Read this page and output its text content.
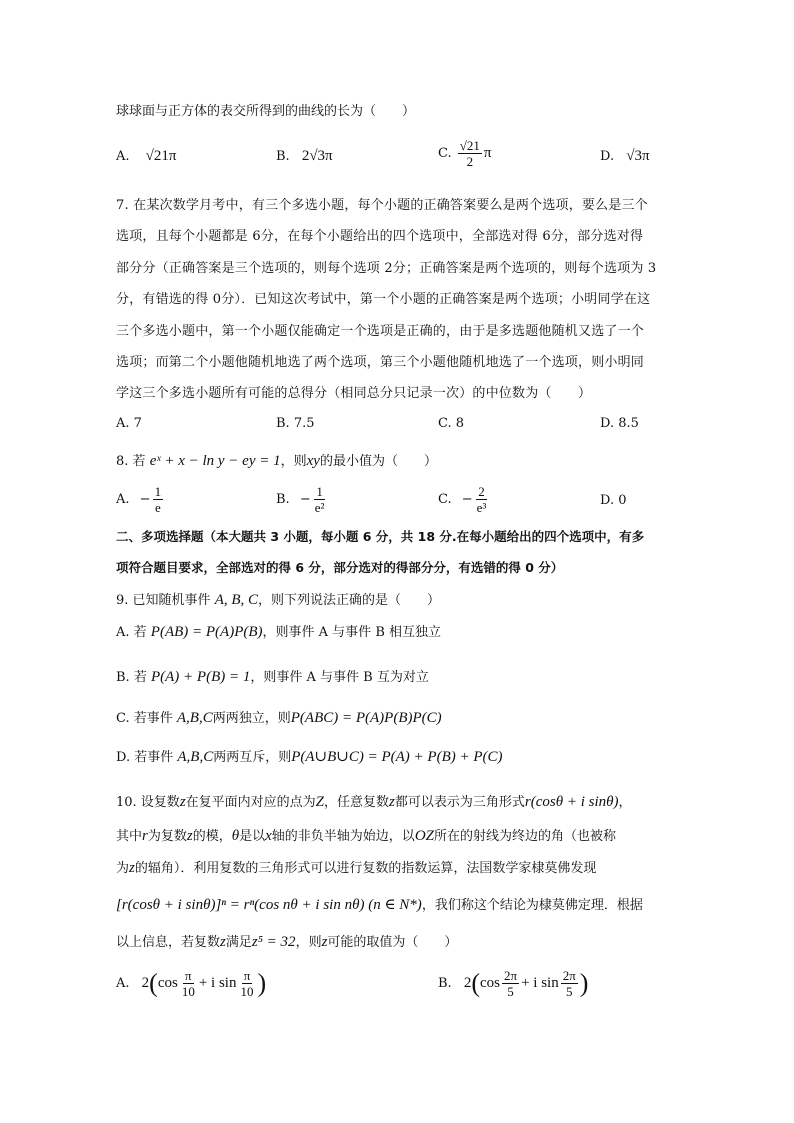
球球面与正方体的表交所得到的曲线的长为（　　）
A. √21π	B. 2√3π	C. $\frac{√21}{2}$ π	D. √3π
7. 在某次数学月考中，有三个多选小题，每个小题的正确答案要么是两个选项，要么是三个
选项，且每个小题都是 6分，在每个小题给出的四个选项中，全部选对得 6分，部分选对得
部分分（正确答案是三个选项的，则每个选项 2分；正确答案是两个选项的，则每个选项为 3
分，有错选的得 0分）．已知这次考试中，第一个小题的正确答案是两个选项；小明同学在这
三个多选小题中，第一个小题仅能确定一个选项是正确的，由于是多选题他随机又选了一个
选项；而第二个小题他随机地选了两个选项，第三个小题他随机地选了一个选项，则小明同
学这三个多选小题所有可能的总得分（相同总分只记录一次）的中位数为（　　）
A. 7	B. 7.5	C. 8	D. 8.5
8. 若 eˣ + x − ln y − ey = 1，则xy的最小值为（　　）
A. − $\frac{1}{e}$	B. − $\frac{1}{\text{e²}}$	C. − $\frac{2}{\text{e³}}$	D. 0
二、多项选择题（本大题共 3 小题，每小题 6 分，共 18 分.在每小题给出的四个选项中，有多
项符合题目要求，全部选对的得 6 分，部分选对的得部分分，有选错的得 0 分）
9. 已知随机事件 A, B, C，则下列说法正确的是（　　）
A. 若 P(AB) = P(A)P(B)，则事件 A 与事件 B 相互独立
B. 若 P(A) + P(B) = 1，则事件 A 与事件 B 互为对立
C. 若事件 A,B,C两两独立，则P(ABC) = P(A)P(B)P(C)
D. 若事件 A,B,C两两互斥，则P(A∪B∪C) = P(A) + P(B) + P(C)
10. 设复数z在复平面内对应的点为Z，任意复数z都可以表示为三角形式r(cosθ + i sinθ)，
其中r为复数z的模，θ是以x轴的非负半轴为始边，以OZ所在的射线为终边的角（也被称
为z的辐角）．利用复数的三角形式可以进行复数的指数运算，法国数学家棣莫佛发现
[r(cosθ + i sinθ)]ⁿ = rⁿ(cos nθ + i sin nθ) (n ∈ N*)，我们称这个结论为棣莫佛定理．根据
以上信息，若复数z满足z⁵ = 32，则z可能的取值为（　　）
A. $2(\cos \frac{\pi}{10} + i$ $\sin \frac{\pi}{10}$ )	B. $2(\cos \frac{2\pi}{5} + i$ $\sin \frac{2\pi}{5}$ )
